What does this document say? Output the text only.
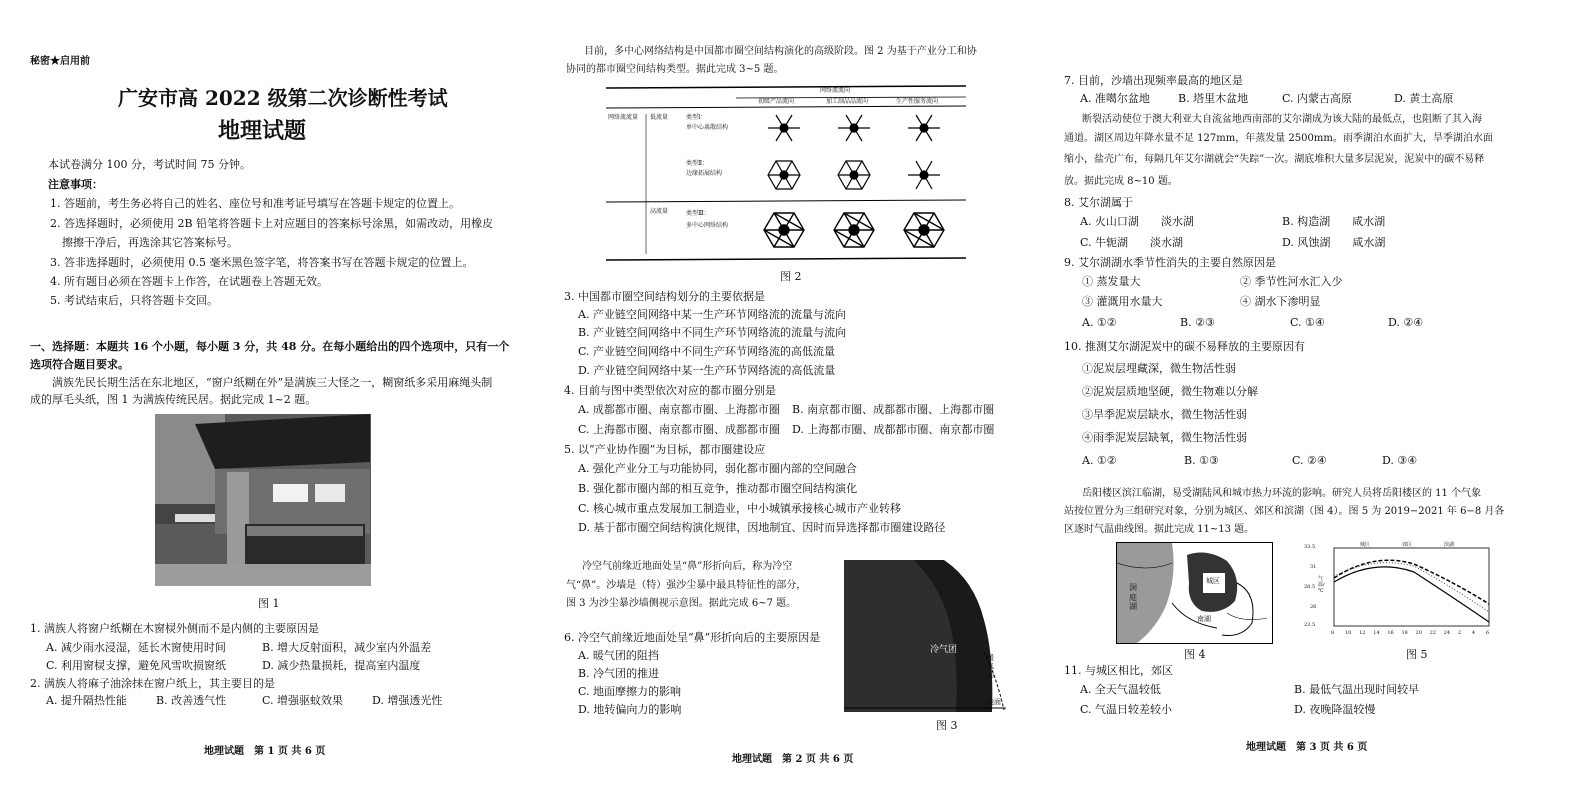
秘密★启用前
广安市高 2022 级第二次诊断性考试
地理试题
本试卷满分 100 分，考试时间 75 分钟。
注意事项：
1. 答题前，考生务必将自己的姓名、座位号和准考证号填写在答题卡规定的位置上。
2. 答选择题时，必须使用 2B 铅笔将答题卡上对应题目的答案标号涂黑，如需改动，用橡皮
擦擦干净后，再选涂其它答案标号。
3. 答非选择题时，必须使用 0.5 毫米黑色签字笔，将答案书写在答题卡规定的位置上。
4. 所有题目必须在答题卡上作答，在试题卷上答题无效。
5. 考试结束后，只将答题卡交回。
一、选择题：本题共 16 个小题，每小题 3 分，共 48 分。在每小题给出的四个选项中，只有一个
选项符合题目要求。
满族先民长期生活在东北地区，“窗户纸糊在外”是满族三大怪之一，糊窗纸多采用麻绳头制
成的厚毛头纸，图 1 为满族传统民居。据此完成 1~2 题。
图 1
1. 满族人将窗户纸糊在木窗棂外侧而不是内侧的主要原因是
A. 减少雨水浸湿，延长木窗使用时间	B. 增大反射面积，减少室内外温差
C. 利用窗棂支撑，避免风雪吹损窗纸	D. 减少热量损耗，提高室内温度
2. 满族人将麻子油涂抹在窗户纸上，其主要目的是
A. 提升隔热性能	B. 改善透气性	C. 增强驱蚊效果	D. 增强透光性
地理试题　第 1 页 共 6 页
目前，多中心网络结构是中国都市圈空间结构演化的高级阶段。图 2 为基于产业分工和协
协同的都市圈空间结构类型。据此完成 3~5 题。
网络流流向
初级产品流向	加工制品品流向	生产性服务流向
网络流流量 低流量
高流量
类型Ⅰ：
单中心离散结构
类型Ⅱ：
边缘拓展结构
类型Ⅲ：
多中心网络结构
图 2
3. 中国都市圈空间结构划分的主要依据是
A. 产业链空间网络中某一生产环节网络流的流量与流向
B. 产业链空间网络中不同生产环节网络流的流量与流向
C. 产业链空间网络中不同生产环节网络流的高低流量
D. 产业链空间网络中某一生产环节网络流的高低流量
4. 目前与图中类型依次对应的都市圈分别是
A. 成都都市圈、南京都市圈、上海都市圈 B. 南京都市圈、成都都市圈、上海都市圈
C. 上海都市圈、南京都市圈、成都都市圈 D. 上海都市圈、成都都市圈、南京都市圈
5. 以“产业协作圈”为目标，都市圈建设应
A. 强化产业分工与功能协同，弱化都市圈内部的空间融合
B. 强化都市圈内部的相互竞争，推动都市圈空间结构演化
C. 核心城市重点发展加工制造业，中小城镇承接核心城市产业转移
D. 基于都市圈空间结构演化规律，因地制宜、因时而异选择都市圈建设路径
冷空气前缘近地面处呈“鼻”形折向后，称为冷空
气“鼻”。沙墙是（特）强沙尘暴中最具特征性的部分，
图 3 为沙尘暴沙墙侧视示意图。据此完成 6~7 题。
冷气团
暖气团
地面
图 3
6. 冷空气前缘近地面处呈“鼻”形折向后的主要原因是
A. 暖气团的阻挡
B. 冷气团的推进
C. 地面摩擦力的影响
D. 地转偏向力的影响
地理试题　第 2 页 共 6 页
7. 目前，沙墙出现频率最高的地区是
A. 准噶尔盆地	B. 塔里木盆地	C. 内蒙古高原	D. 黄土高原
断裂活动使位于澳大利亚大自流盆地西南部的艾尔湖成为该大陆的最低点，也阻断了其入海
通道。湖区周边年降水量不足 127mm，年蒸发量 2500mm。雨季湖泊水面扩大，旱季湖泊水面
缩小，盐壳广布，每隔几年艾尔湖就会“失踪”一次。湖底堆积大量多层泥炭，泥炭中的碳不易释
放。据此完成 8~10 题。
8. 艾尔湖属于
A. 火山口湖　　淡水湖	B. 构造湖　　咸水湖
C. 牛轭湖　　淡水湖	D. 风蚀湖　　咸水湖
9. 艾尔湖湖水季节性消失的主要自然原因是
① 蒸发量大	② 季节性河水汇入少
③ 灌溉用水量大	④ 湖水下渗明显
A. ①②	B. ②③	C. ①④	D. ②④
10. 推测艾尔湖泥炭中的碳不易释放的主要原因有
①泥炭层埋藏深，微生物活性弱
②泥炭层质地坚硬，微生物难以分解
③旱季泥炭层缺水，微生物活性弱
④雨季泥炭层缺氧，微生物活性弱
A. ①②	B. ①③	C. ②④	D. ③④
岳阳楼区滨江临湖，易受湖陆风和城市热力环流的影响。研究人员将岳阳楼区的 11 个气象
站按位置分为三组研究对象，分别为城区、郊区和滨湖（图 4）。图 5 为 2019−2021 年 6−8 月各
区逐时气温曲线图。据此完成 11~13 题。
洞庭湖
城区
南湖
图 4
城区	郊区	滨湖
气温/℃
33.5
31
28.5
26
23.5
8 10 12 14 16 18 20 22 24 2 4 6
图 5
11. 与城区相比，郊区
A. 全天气温较低	B. 最低气温出现时间较早
C. 气温日较差较小	D. 夜晚降温较慢
地理试题　第 3 页 共 6 页
